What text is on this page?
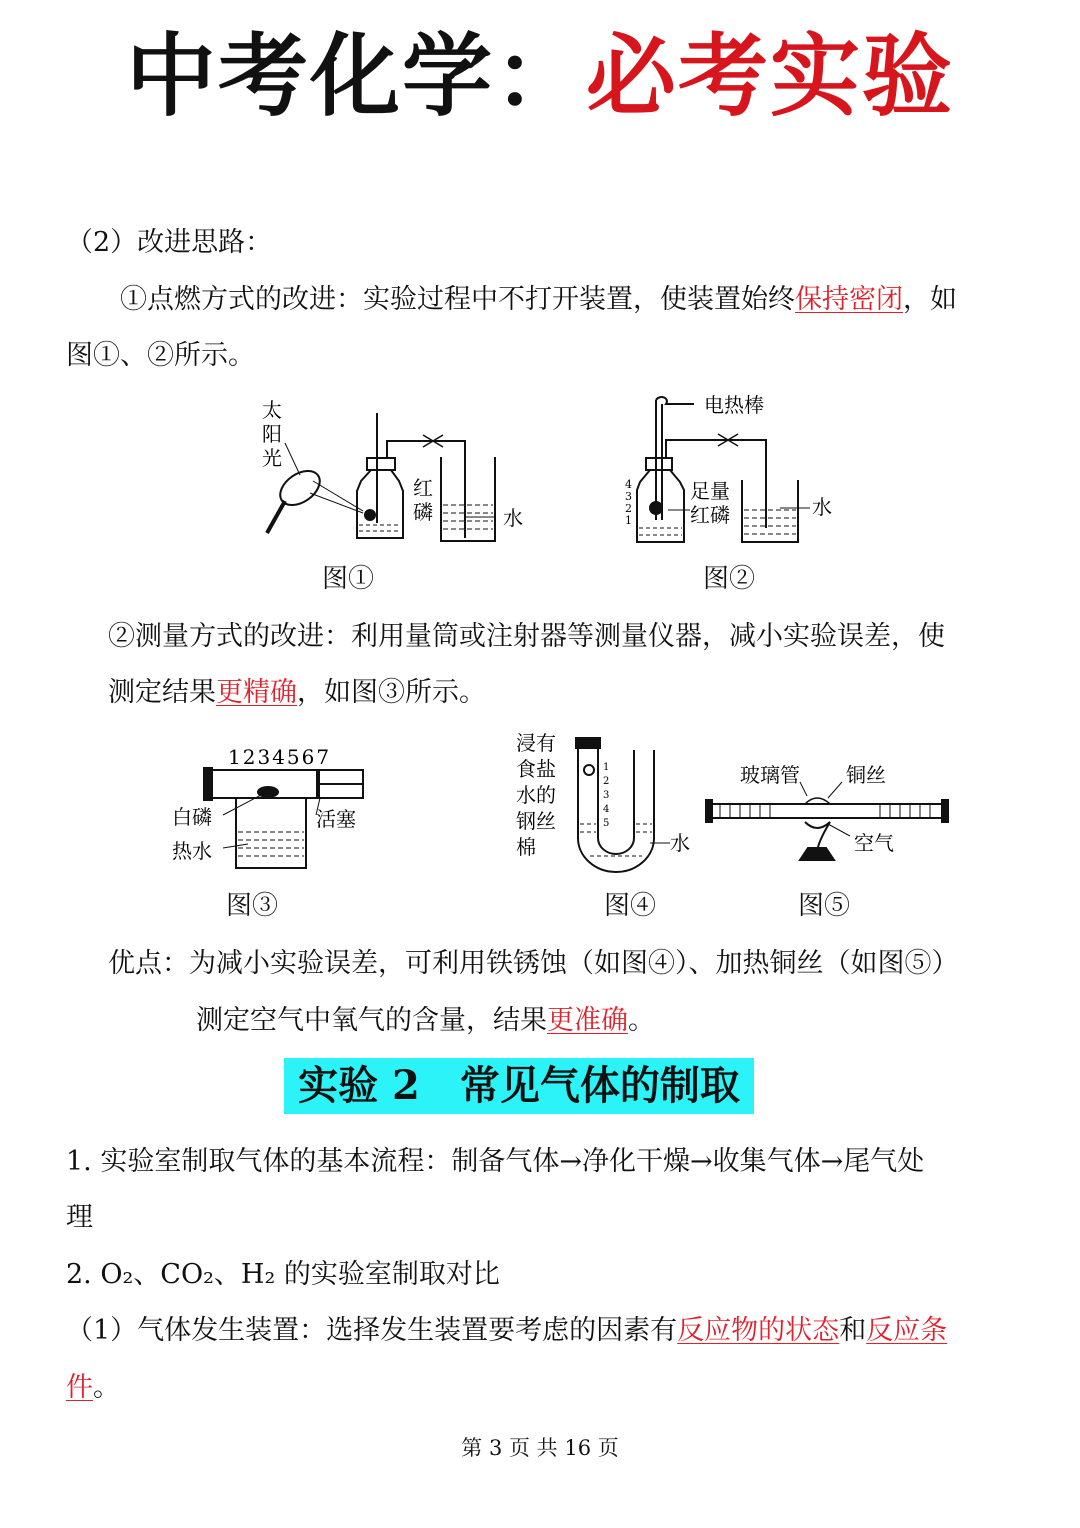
中考化学：必考实验
（2）改进思路：
①点燃方式的改进：实验过程中不打开装置，使装置始终保持密闭，如
图①、②所示。
太
阳
光
红
磷	水
图①
电热棒
足量
红磷	水
4
3
2
1
图②
②测量方式的改进：利用量筒或注射器等测量仪器，减小实验误差，使
测定结果更精确，如图③所示。
1234567
白磷
热水
活塞
图③
浸有
食盐
水的
钢丝
棉
1
2
3
4
5
水
图④
玻璃管 铜丝
空气
图⑤
优点：为减小实验误差，可利用铁锈蚀（如图④）、加热铜丝（如图⑤）
测定空气中氧气的含量，结果更准确。
实验 2　常见气体的制取
1. 实验室制取气体的基本流程：制备气体→净化干燥→收集气体→尾气处
理
2. O₂、CO₂、H₂ 的实验室制取对比
（1）气体发生装置：选择发生装置要考虑的因素有反应物的状态和反应条
件。
第 3 页 共 16 页
